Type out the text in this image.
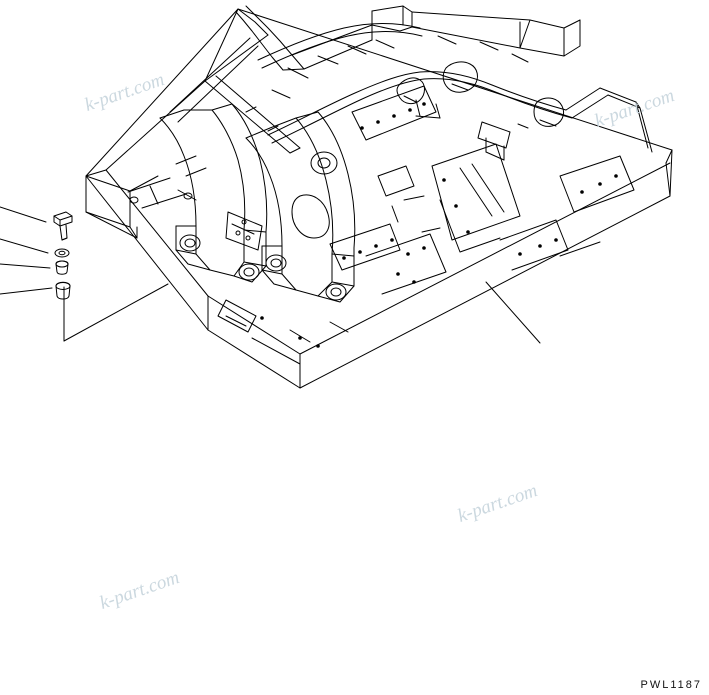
k-part.com	k-part.com
k-part.com
k-part.com
PWL1187
